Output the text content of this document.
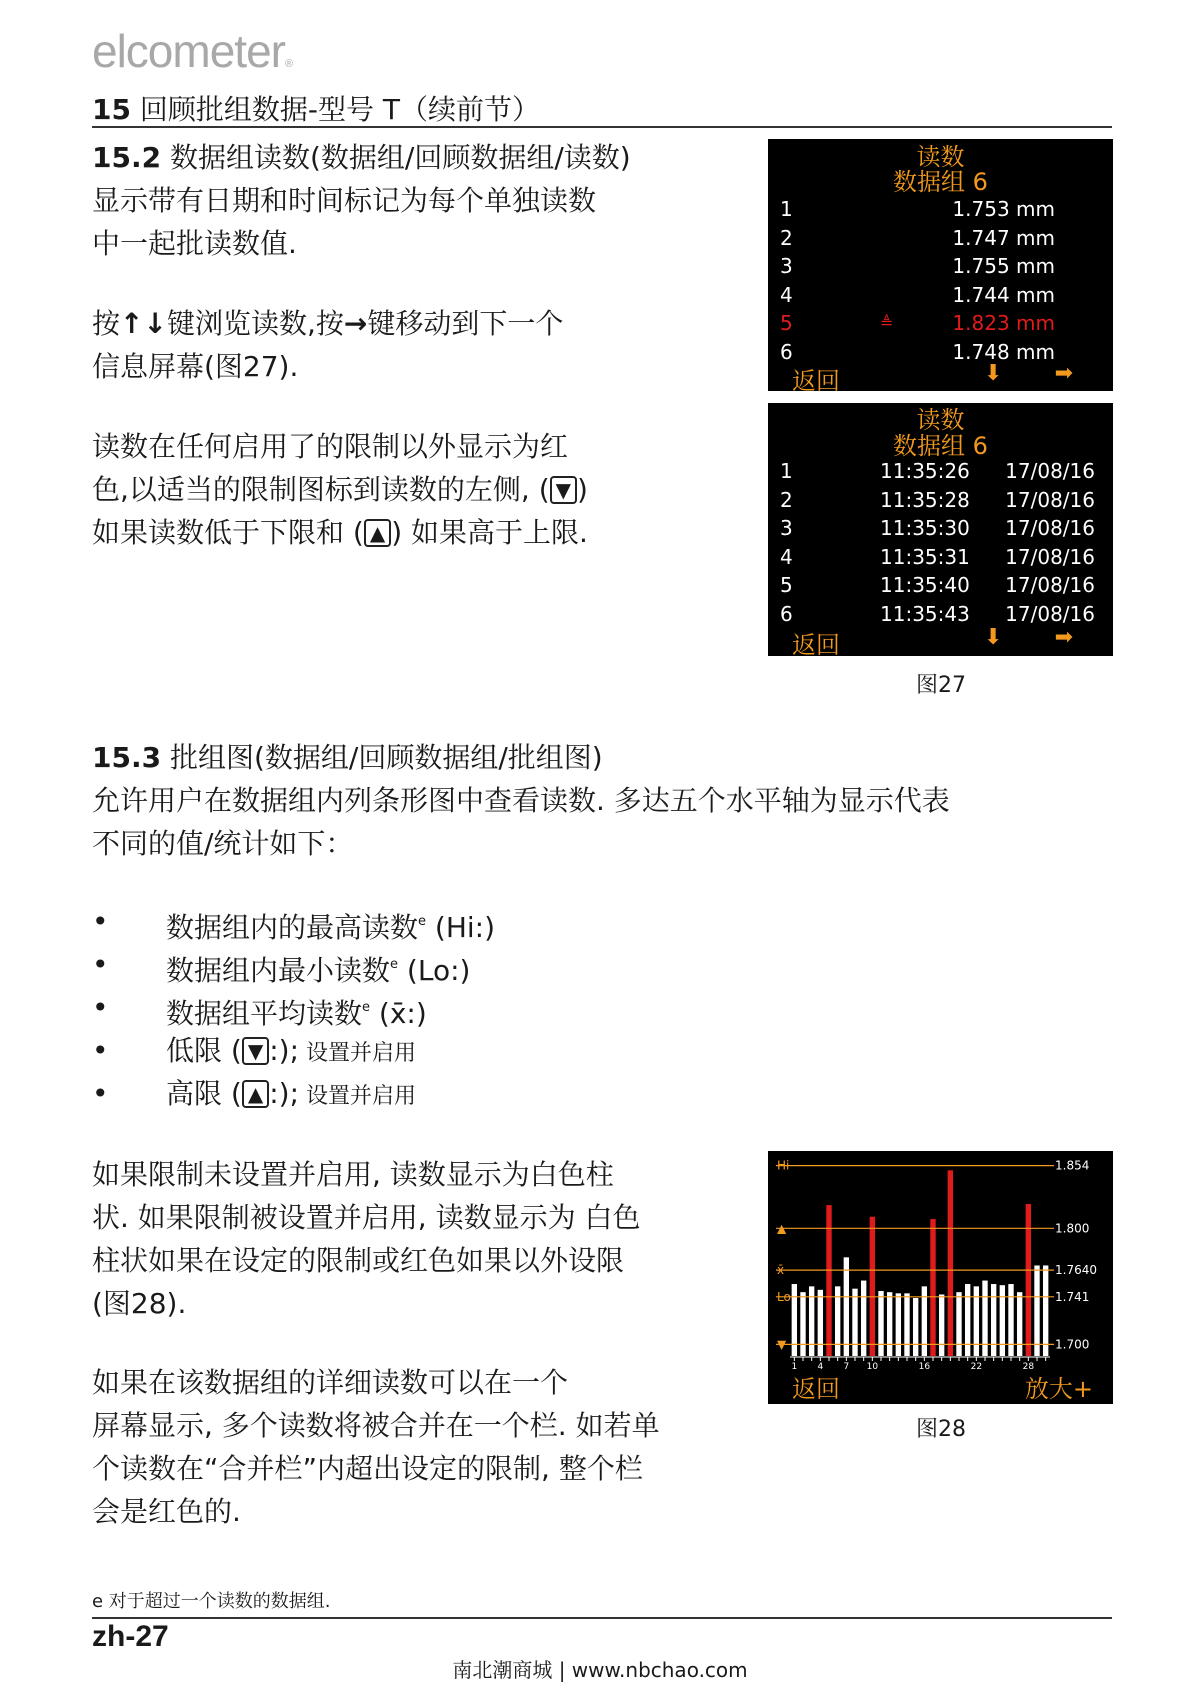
elcometer®
15 回顾批组数据-型号 T（续前节）
15.2 数据组读数(数据组/回顾数据组/读数)
显示带有日期和时间标记为每个单独读数
中一起批读数值.
按↑↓键浏览读数,按→键移动到下一个
信息屏幕(图27).
读数在任何启用了的限制以外显示为红
色,以适当的限制图标到读数的左侧, ( ▼ )
如果读数低于下限和 ( ▲ ) 如果高于上限.
读数
数据组 6
1	1.753 mm
2	1.747 mm
3	1.755 mm
4	1.744 mm
5	≜	1.823 mm
6	1.748 mm
返回	⬇ ➡
读数
数据组 6
1	11:35:26 17/08/16
2	11:35:28 17/08/16
3	11:35:30 17/08/16
4	11:35:31 17/08/16
5	11:35:40 17/08/16
6	11:35:43 17/08/16
返回	⬇ ➡
图27
15.3 批组图(数据组/回顾数据组/批组图)
允许用户在数据组内列条形图中查看读数. 多达五个水平轴为显示代表
不同的值/统计如下：
• 数据组内的最高读数$^e$ (Hi:)
• 数据组内最小读数$^e$ (Lo:)
• 数据组平均读数$^e$ (x̄:)
• 低限 ( ▼ :); 设置并启用
• 高限 ( ▲ :); 设置并启用
如果限制未设置并启用, 读数显示为白色柱
状. 如果限制被设置并启用, 读数显示为 白色
柱状如果在设定的限制或红色如果以外设限
(图28).
如果在该数据组的详细读数可以在一个
屏幕显示, 多个读数将被合并在一个栏. 如若单
个读数在“合并栏”内超出设定的限制, 整个栏
会是红色的.
Hi	1.854
▲	1.800
x̄	1.7640
Lo	1.741
▼	1.700
1 4 7 10	16	22	28
返回	放大+
图28
e 对于超过一个读数的数据组.
zh-27
南北潮商城 | www.nbchao.com
